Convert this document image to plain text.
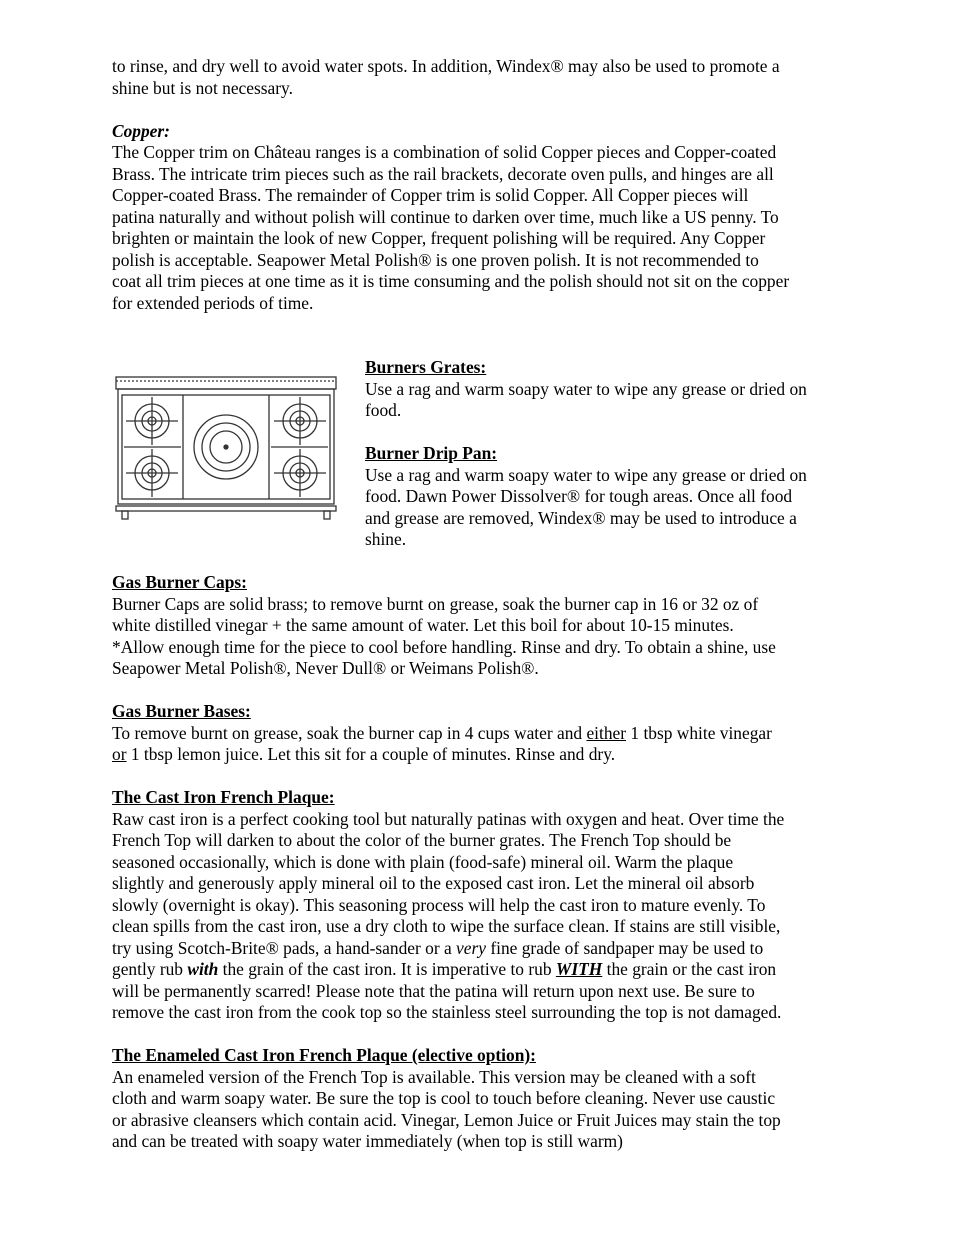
to rinse, and dry well to avoid water spots. In addition, Windex® may also be used to promote a

shine but is not necessary.

Copper:

The Copper trim on Château ranges is a combination of solid Copper pieces and Copper-coated

Brass. The intricate trim pieces such as the rail brackets, decorate oven pulls, and hinges are all

Copper-coated Brass. The remainder of Copper trim is solid Copper. All Copper pieces will

patina naturally and without polish will continue to darken over time, much like a US penny. To

brighten or maintain the look of new Copper, frequent polishing will be required. Any Copper

polish is acceptable. Seapower Metal Polish® is one proven polish. It is not recommended to

coat all trim pieces at one time as it is time consuming and the polish should not sit on the copper

for extended periods of time.

Burners Grates:

Use a rag and warm soapy water to wipe any grease or dried on

food.

Burner Drip Pan:

Use a rag and warm soapy water to wipe any grease or dried on

food. Dawn Power Dissolver® for tough areas. Once all food

and grease are removed, Windex® may be used to introduce a

shine.

Gas Burner Caps:

Burner Caps are solid brass; to remove burnt on grease, soak the burner cap in 16 or 32 oz of

white distilled vinegar + the same amount of water. Let this boil for about 10-15 minutes.

*Allow enough time for the piece to cool before handling. Rinse and dry. To obtain a shine, use

Seapower Metal Polish®, Never Dull® or Weimans Polish®.

Gas Burner Bases:

To remove burnt on grease, soak the burner cap in 4 cups water and either 1 tbsp white vinegar

or 1 tbsp lemon juice. Let this sit for a couple of minutes. Rinse and dry.

The Cast Iron French Plaque:

Raw cast iron is a perfect cooking tool but naturally patinas with oxygen and heat. Over time the

French Top will darken to about the color of the burner grates. The French Top should be

seasoned occasionally, which is done with plain (food-safe) mineral oil. Warm the plaque

slightly and generously apply mineral oil to the exposed cast iron. Let the mineral oil absorb

slowly (overnight is okay). This seasoning process will help the cast iron to mature evenly. To

clean spills from the cast iron, use a dry cloth to wipe the surface clean. If stains are still visible,

try using Scotch-Brite® pads, a hand-sander or a very fine grade of sandpaper may be used to

gently rub with the grain of the cast iron. It is imperative to rub WITH the grain or the cast iron

will be permanently scarred! Please note that the patina will return upon next use. Be sure to

remove the cast iron from the cook top so the stainless steel surrounding the top is not damaged.

The Enameled Cast Iron French Plaque (elective option):

An enameled version of the French Top is available. This version may be cleaned with a soft

cloth and warm soapy water. Be sure the top is cool to touch before cleaning. Never use caustic

or abrasive cleansers which contain acid. Vinegar, Lemon Juice or Fruit Juices may stain the top

and can be treated with soapy water immediately (when top is still warm)
